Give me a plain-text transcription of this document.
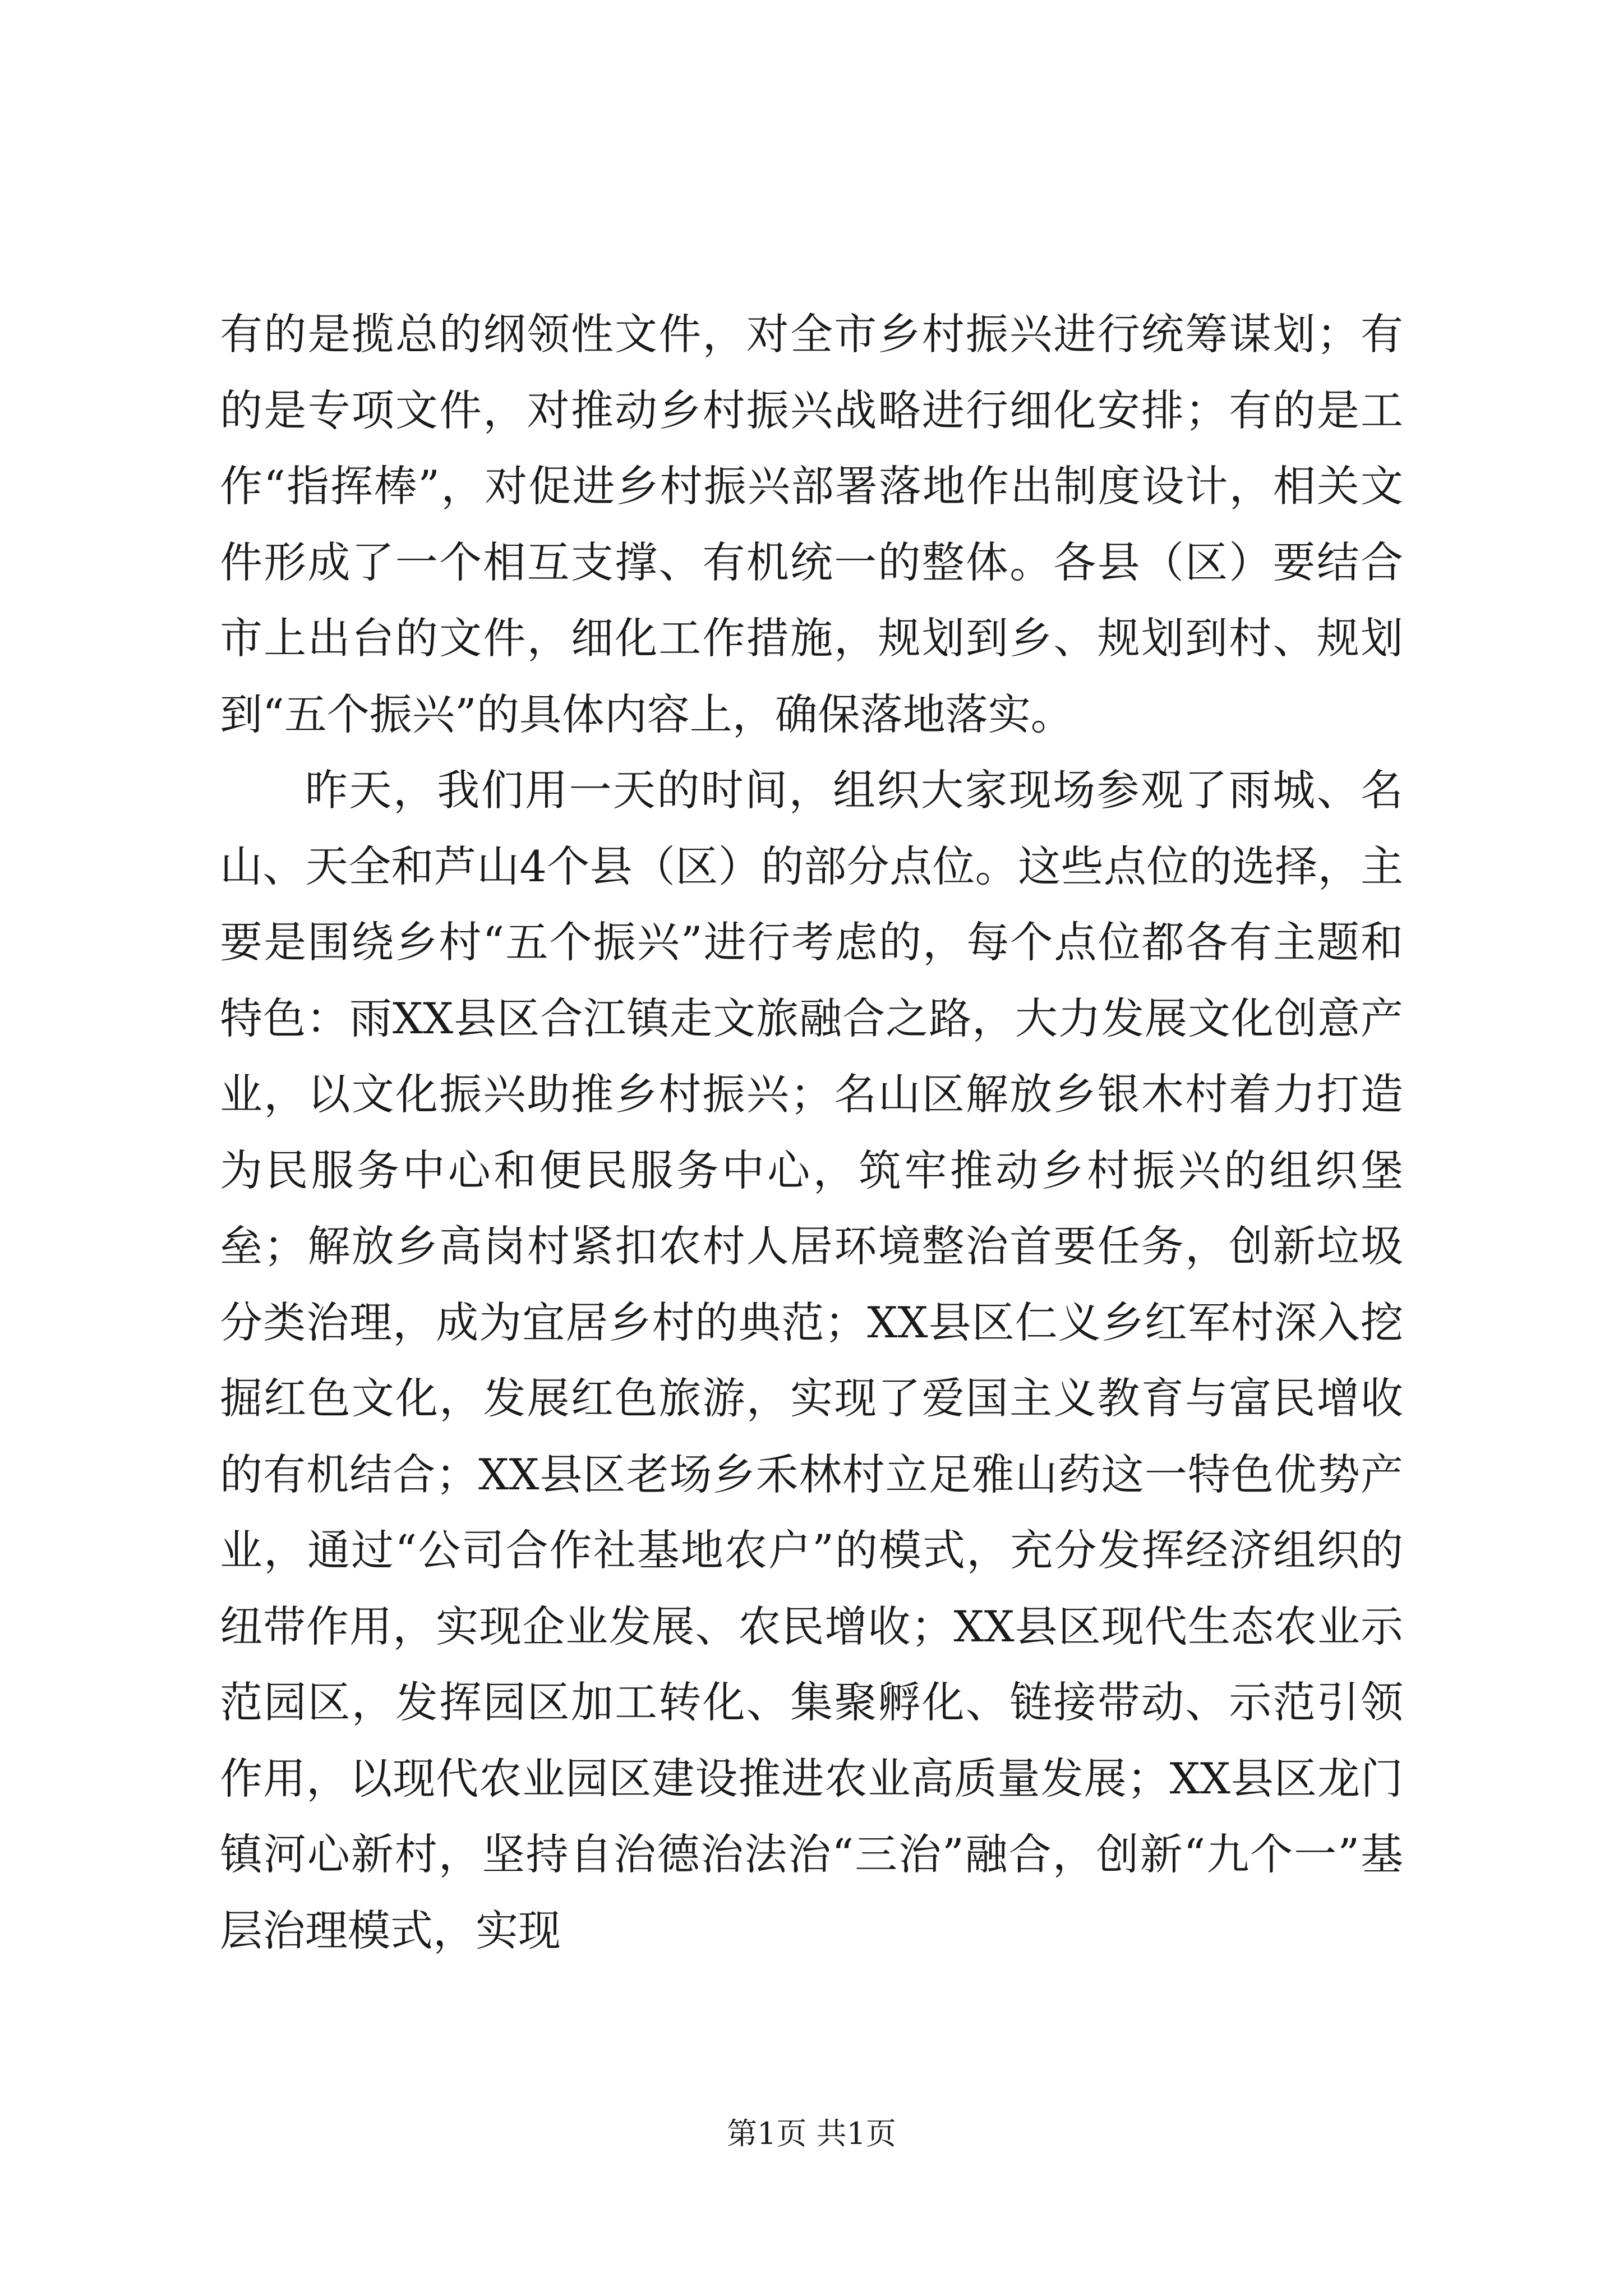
有的是揽总的纲领性文件，对全市乡村振兴进行统筹谋划；有的是专项文件，对推动乡村振兴战略进行细化安排；有的是工作“指挥棒”，对促进乡村振兴部署落地作出制度设计，相关文件形成了一个相互支撑、有机统一的整体。各县（区）要结合市上出台的文件，细化工作措施，规划到乡、规划到村、规划到“五个振兴”的具体内容上，确保落地落实。

昨天，我们用一天的时间，组织大家现场参观了雨城、名山、天全和芦山4个县（区）的部分点位。这些点位的选择，主要是围绕乡村“五个振兴”进行考虑的，每个点位都各有主题和特色：雨XX县区合江镇走文旅融合之路，大力发展文化创意产业，以文化振兴助推乡村振兴；名山区解放乡银木村着力打造为民服务中心和便民服务中心，筑牢推动乡村振兴的组织堡垒；解放乡高岗村紧扣农村人居环境整治首要任务，创新垃圾分类治理，成为宜居乡村的典范；XX县区仁义乡红军村深入挖掘红色文化，发展红色旅游，实现了爱国主义教育与富民增收的有机结合；XX县区老场乡禾林村立足雅山药这一特色优势产业，通过“公司合作社基地农户”的模式，充分发挥经济组织的纽带作用，实现企业发展、农民增收；XX县区现代生态农业示范园区，发挥园区加工转化、集聚孵化、链接带动、示范引领作用，以现代农业园区建设推进农业高质量发展；XX县区龙门镇河心新村，坚持自治德治法治“三治”融合，创新“九个一”基层治理模式，实现

第1页 共1页
